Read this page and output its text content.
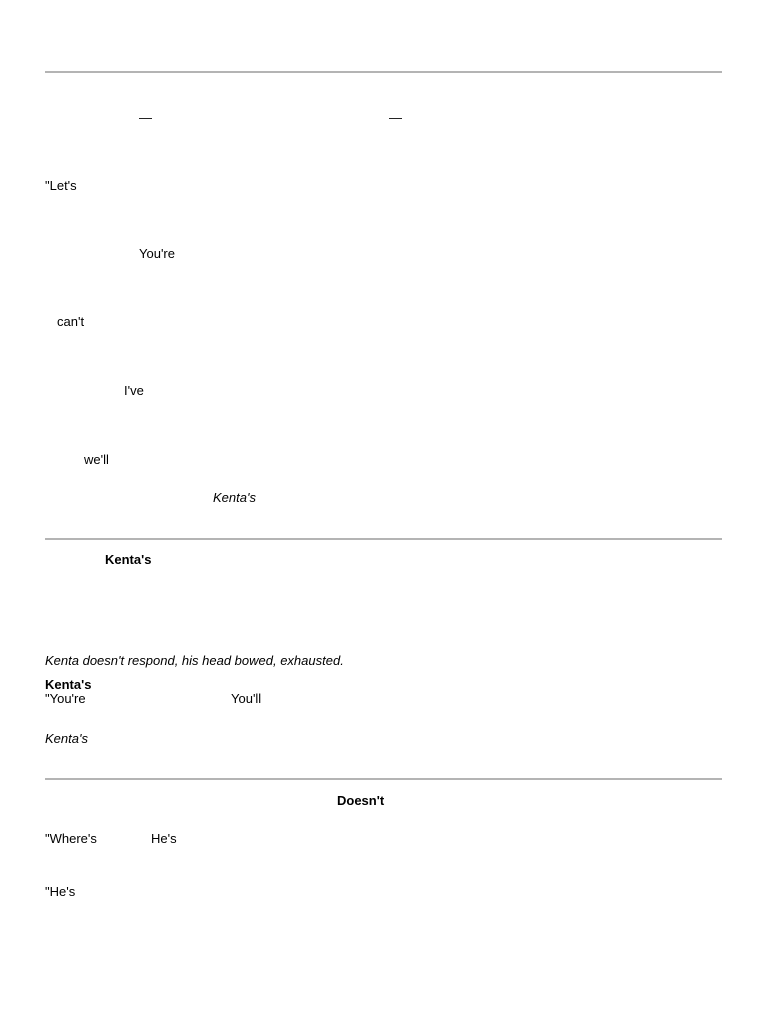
—	—
"Let's
You're
can't
I've
we'll
Kenta's
Kenta's
Kenta doesn't respond, his head bowed, exhausted.
Kenta's
"You're	You'll
Kenta's
Doesn't
"Where's	He's
"He's
